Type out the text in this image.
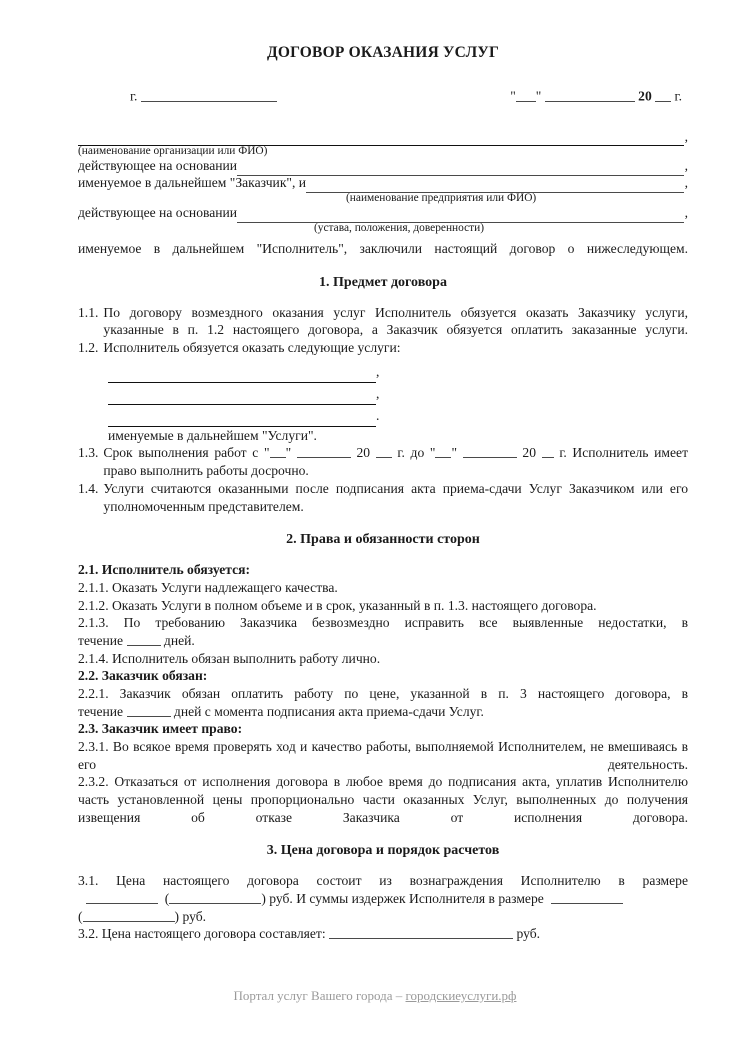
ДОГОВОР ОКАЗАНИЯ УСЛУГ
г.	" "	20 г.
,
(наименование организации или ФИО)
действующее на основании	,
именуемое в дальнейшем "Заказчик", и	,
(наименование предприятия или ФИО)
действующее на основании	,
(устава, положения, доверенности)
именуемое в дальнейшем "Исполнитель", заключили настоящий договор о нижеследующем.
1. Предмет договора
1.1. По договору возмездного оказания услуг Исполнитель обязуется оказать Заказчику услуги, указанные в п. 1.2 настоящего договора, а Заказчик обязуется оплатить заказанные услуги.
1.2. Исполнитель обязуется оказать следующие услуги:
,
,
.
именуемые в дальнейшем "Услуги".
1.3. Срок выполнения работ с " "	20 г. до " "	20 г. Исполнитель имеет право выполнить работы досрочно.
1.4. Услуги считаются оказанными после подписания акта приема-сдачи Услуг Заказчиком или его уполномоченным представителем.
2. Права и обязанности сторон
2.1. Исполнитель обязуется:
2.1.1. Оказать Услуги надлежащего качества.
2.1.2. Оказать Услуги в полном объеме и в срок, указанный в п. 1.3. настоящего договора.
2.1.3. По требованию Заказчика безвозмездно исправить все выявленные недостатки, в
течение	дней.
2.1.4. Исполнитель обязан выполнить работу лично.
2.2. Заказчик обязан:
2.2.1. Заказчик обязан оплатить работу по цене, указанной в п. 3 настоящего договора, в
течение	дней с момента подписания акта приема-сдачи Услуг.
2.3. Заказчик имеет право:
2.3.1. Во всякое время проверять ход и качество работы, выполняемой Исполнителем, не вмешиваясь в его деятельность.
2.3.2. Отказаться от исполнения договора в любое время до подписания акта, уплатив Исполнителю часть установленной цены пропорционально части оказанных Услуг, выполненных до получения извещения об отказе Заказчика от исполнения договора.
3. Цена договора и порядок расчетов
3.1. Цена настоящего договора состоит из вознаграждения Исполнителю в размере
(	) руб. И суммы издержек Исполнителя в размере
(	) руб.
3.2. Цена настоящего договора составляет:	руб.
Портал услуг Вашего города – городскиеуслуги.рф
